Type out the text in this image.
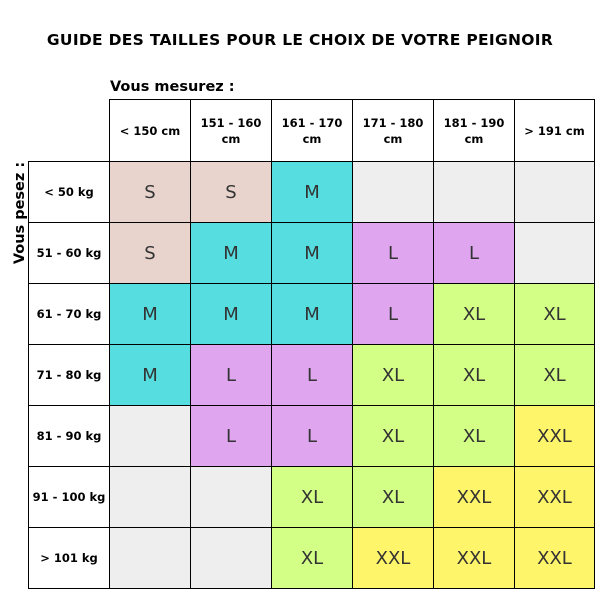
GUIDE DES TAILLES POUR LE CHOIX DE VOTRE PEIGNOIR
Vous mesurez :
Vous pesez :
	< 150 cm	151 - 160 cm	161 - 170 cm	171 - 180 cm	181 - 190 cm	> 191 cm
< 50 kg	S	S	M			
51 - 60 kg	S	M	M	L	L	
61 - 70 kg	M	M	M	L	XL	XL
71 - 80 kg	M	L	L	XL	XL	XL
81 - 90 kg		L	L	XL	XL	XXL
91 - 100 kg			XL	XL	XXL	XXL
> 101 kg			XL	XXL	XXL	XXL
